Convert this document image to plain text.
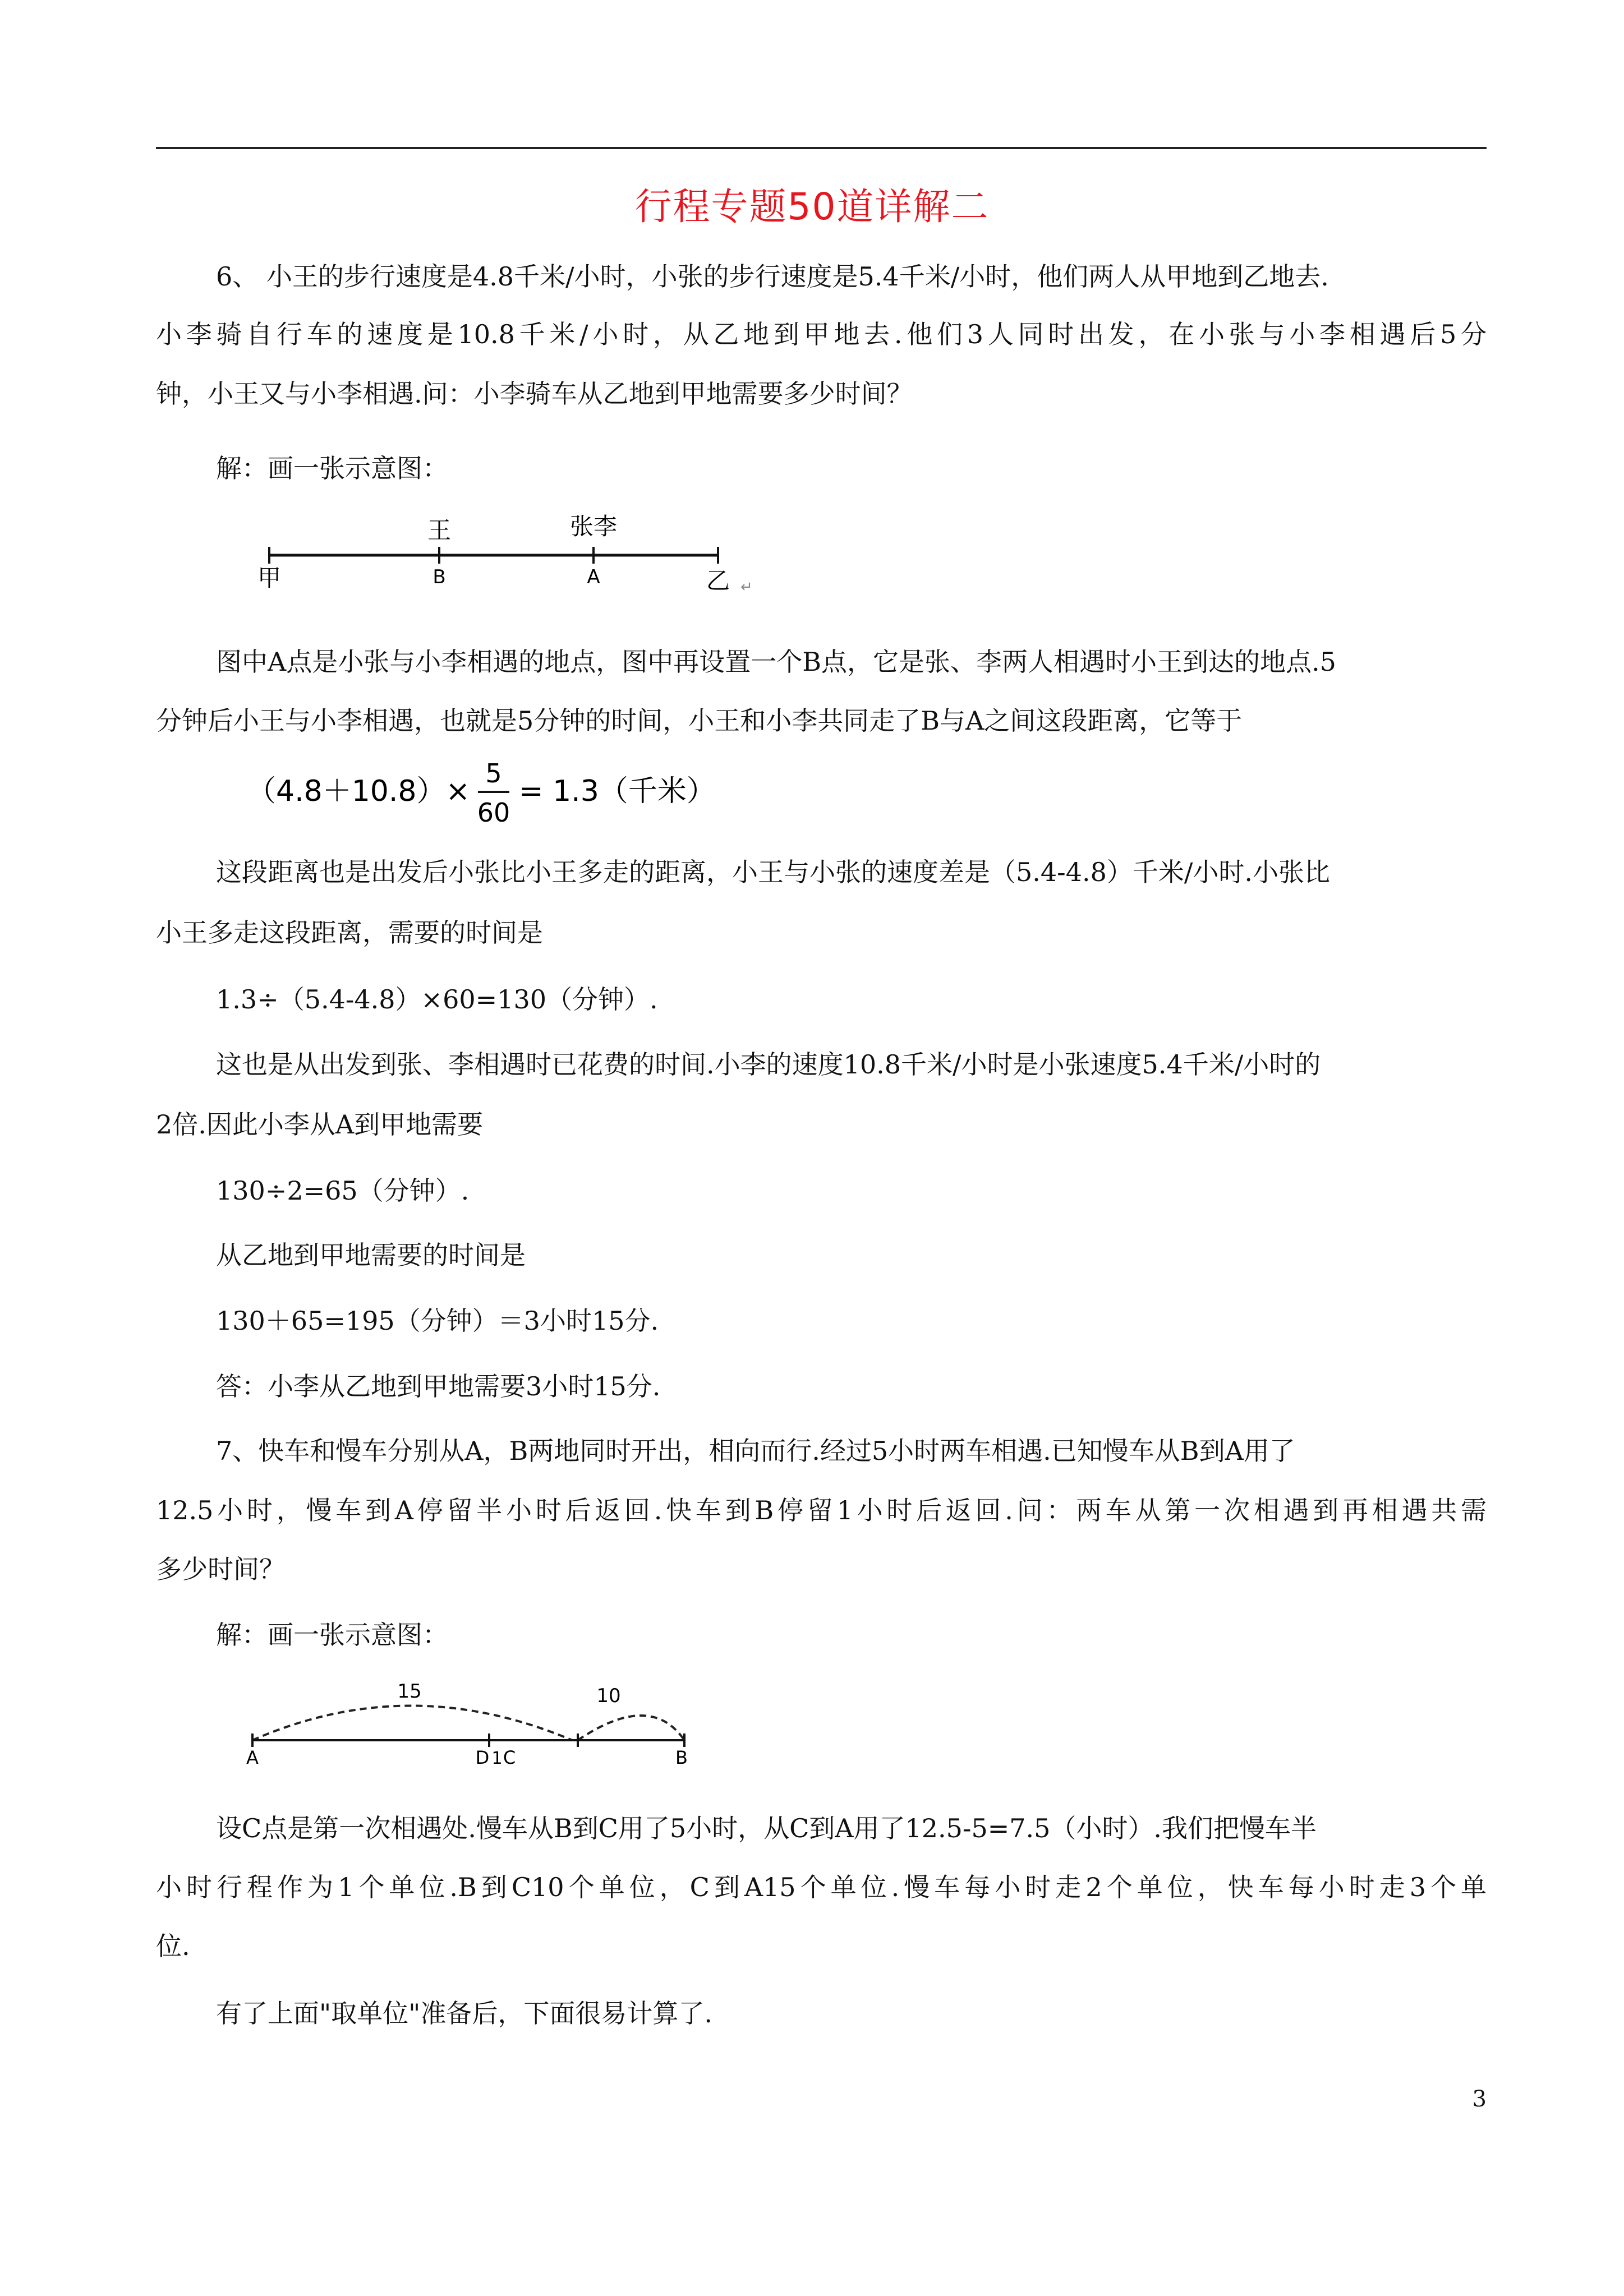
行程专题50道详解二
6、 小王的步行速度是4.8千米/小时，小张的步行速度是5.4千米/小时，他们两人从甲地到乙地去.
小李骑自行车的速度是10.8千米/小时，从乙地到甲地去.他们3人同时出发，在小张与小李相遇后5分
钟，小王又与小李相遇.问：小李骑车从乙地到甲地需要多少时间？
解：画一张示意图：
甲	B	A	乙
王	张李
↵
图中A点是小张与小李相遇的地点，图中再设置一个B点，它是张、李两人相遇时小王到达的地点.5
分钟后小王与小李相遇，也就是5分钟的时间，小王和小李共同走了B与A之间这段距离，它等于
（4.8＋10.8）×
5
60
= 1.3（千米）
这段距离也是出发后小张比小王多走的距离，小王与小张的速度差是（5.4-4.8）千米/小时.小张比
小王多走这段距离，需要的时间是
1.3÷（5.4-4.8）×60=130（分钟）.
这也是从出发到张、李相遇时已花费的时间.小李的速度10.8千米/小时是小张速度5.4千米/小时的
2倍.因此小李从A到甲地需要
130÷2=65（分钟）.
从乙地到甲地需要的时间是
130＋65=195（分钟）＝3小时15分.
答：小李从乙地到甲地需要3小时15分.
7、快车和慢车分别从A，B两地同时开出，相向而行.经过5小时两车相遇.已知慢车从B到A用了
12.5小时，慢车到A停留半小时后返回.快车到B停留1小时后返回.问：两车从第一次相遇到再相遇共需
多少时间？
解：画一张示意图：
15	10
A	D 1 C	B
设C点是第一次相遇处.慢车从B到C用了5小时，从C到A用了12.5-5=7.5（小时）.我们把慢车半
小时行程作为1个单位.B到C10个单位，C到A15个单位.慢车每小时走2个单位，快车每小时走3个单
位.
有了上面"取单位"准备后，下面很易计算了.
3
